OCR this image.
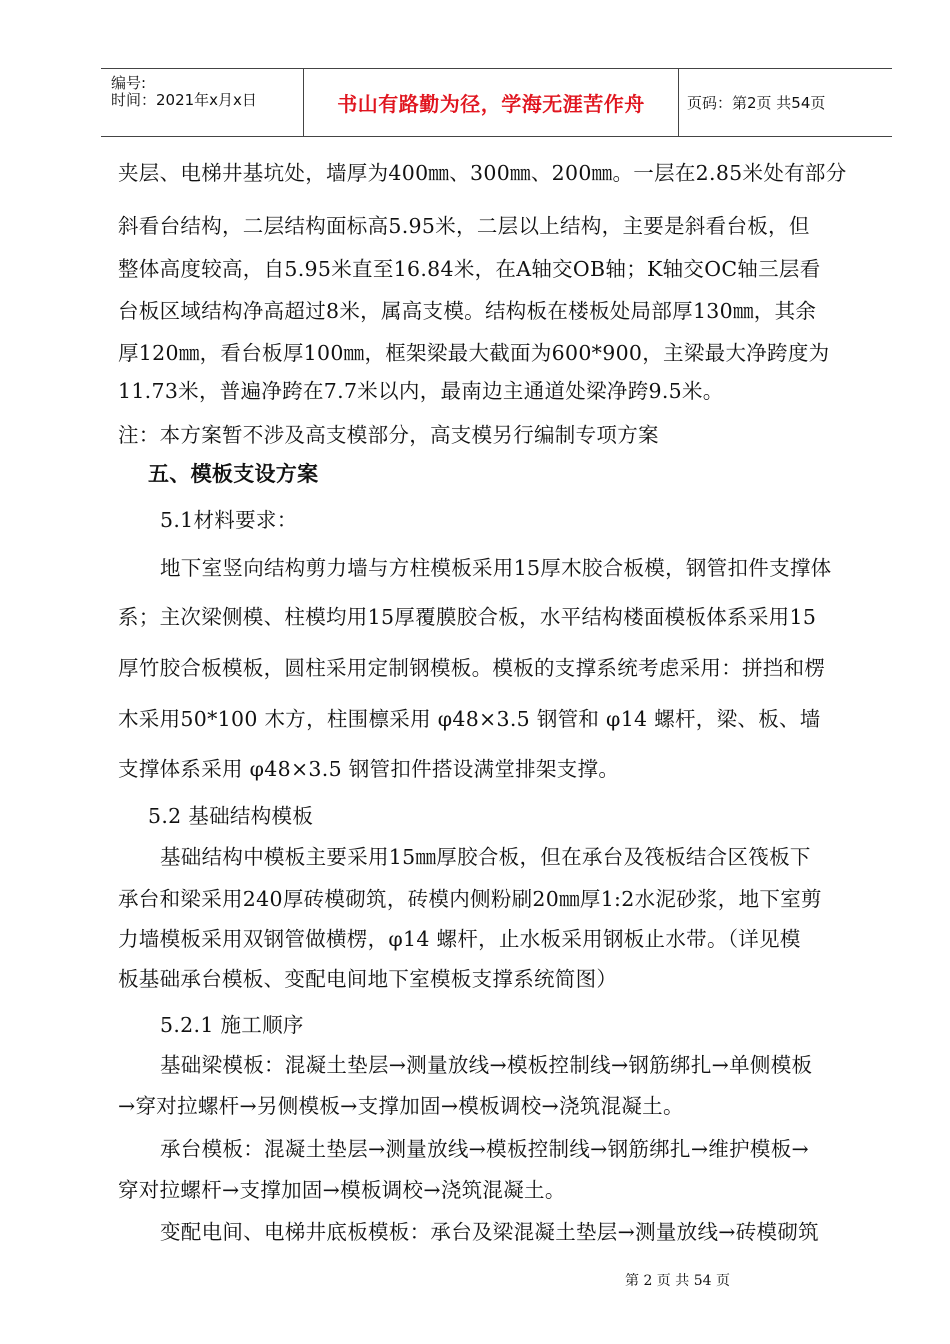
编号:
时间：2021年x月x日	书山有路勤为径，学海无涯苦作舟	页码：第2页 共54页
夹层、电梯井基坑处，墙厚为400㎜、300㎜、200㎜。一层在2.85米处有部分
斜看台结构，二层结构面标高5.95米，二层以上结构，主要是斜看台板，但
整体高度较高，自5.95米直至16.84米，在A轴交OB轴；K轴交OC轴三层看
台板区域结构净高超过8米，属高支模。结构板在楼板处局部厚130㎜，其余
厚120㎜，看台板厚100㎜，框架梁最大截面为600*900，主梁最大净跨度为
11.73米，普遍净跨在7.7米以内，最南边主通道处梁净跨9.5米。
注：本方案暂不涉及高支模部分，高支模另行编制专项方案
五、模板支设方案
5.1材料要求：
地下室竖向结构剪力墙与方柱模板采用15厚木胶合板模，钢管扣件支撑体
系；主次梁侧模、柱模均用15厚覆膜胶合板，水平结构楼面模板体系采用15
厚竹胶合板模板，圆柱采用定制钢模板。模板的支撑系统考虑采用：拼挡和楞
木采用50*100 木方，柱围檩采用 φ48×3.5 钢管和 φ14 螺杆，梁、板、墙
支撑体系采用 φ48×3.5 钢管扣件搭设满堂排架支撑。
5.2 基础结构模板
基础结构中模板主要采用15㎜厚胶合板，但在承台及筏板结合区筏板下
承台和梁采用240厚砖模砌筑，砖模内侧粉刷20㎜厚1:2水泥砂浆，地下室剪
力墙模板采用双钢管做横楞，φ14 螺杆，止水板采用钢板止水带。（详见模
板基础承台模板、变配电间地下室模板支撑系统简图）
5.2.1 施工顺序
基础梁模板：混凝土垫层→测量放线→模板控制线→钢筋绑扎→单侧模板
→穿对拉螺杆→另侧模板→支撑加固→模板调校→浇筑混凝土。
承台模板：混凝土垫层→测量放线→模板控制线→钢筋绑扎→维护模板→
穿对拉螺杆→支撑加固→模板调校→浇筑混凝土。
变配电间、电梯井底板模板：承台及梁混凝土垫层→测量放线→砖模砌筑
第 2 页 共 54 页
